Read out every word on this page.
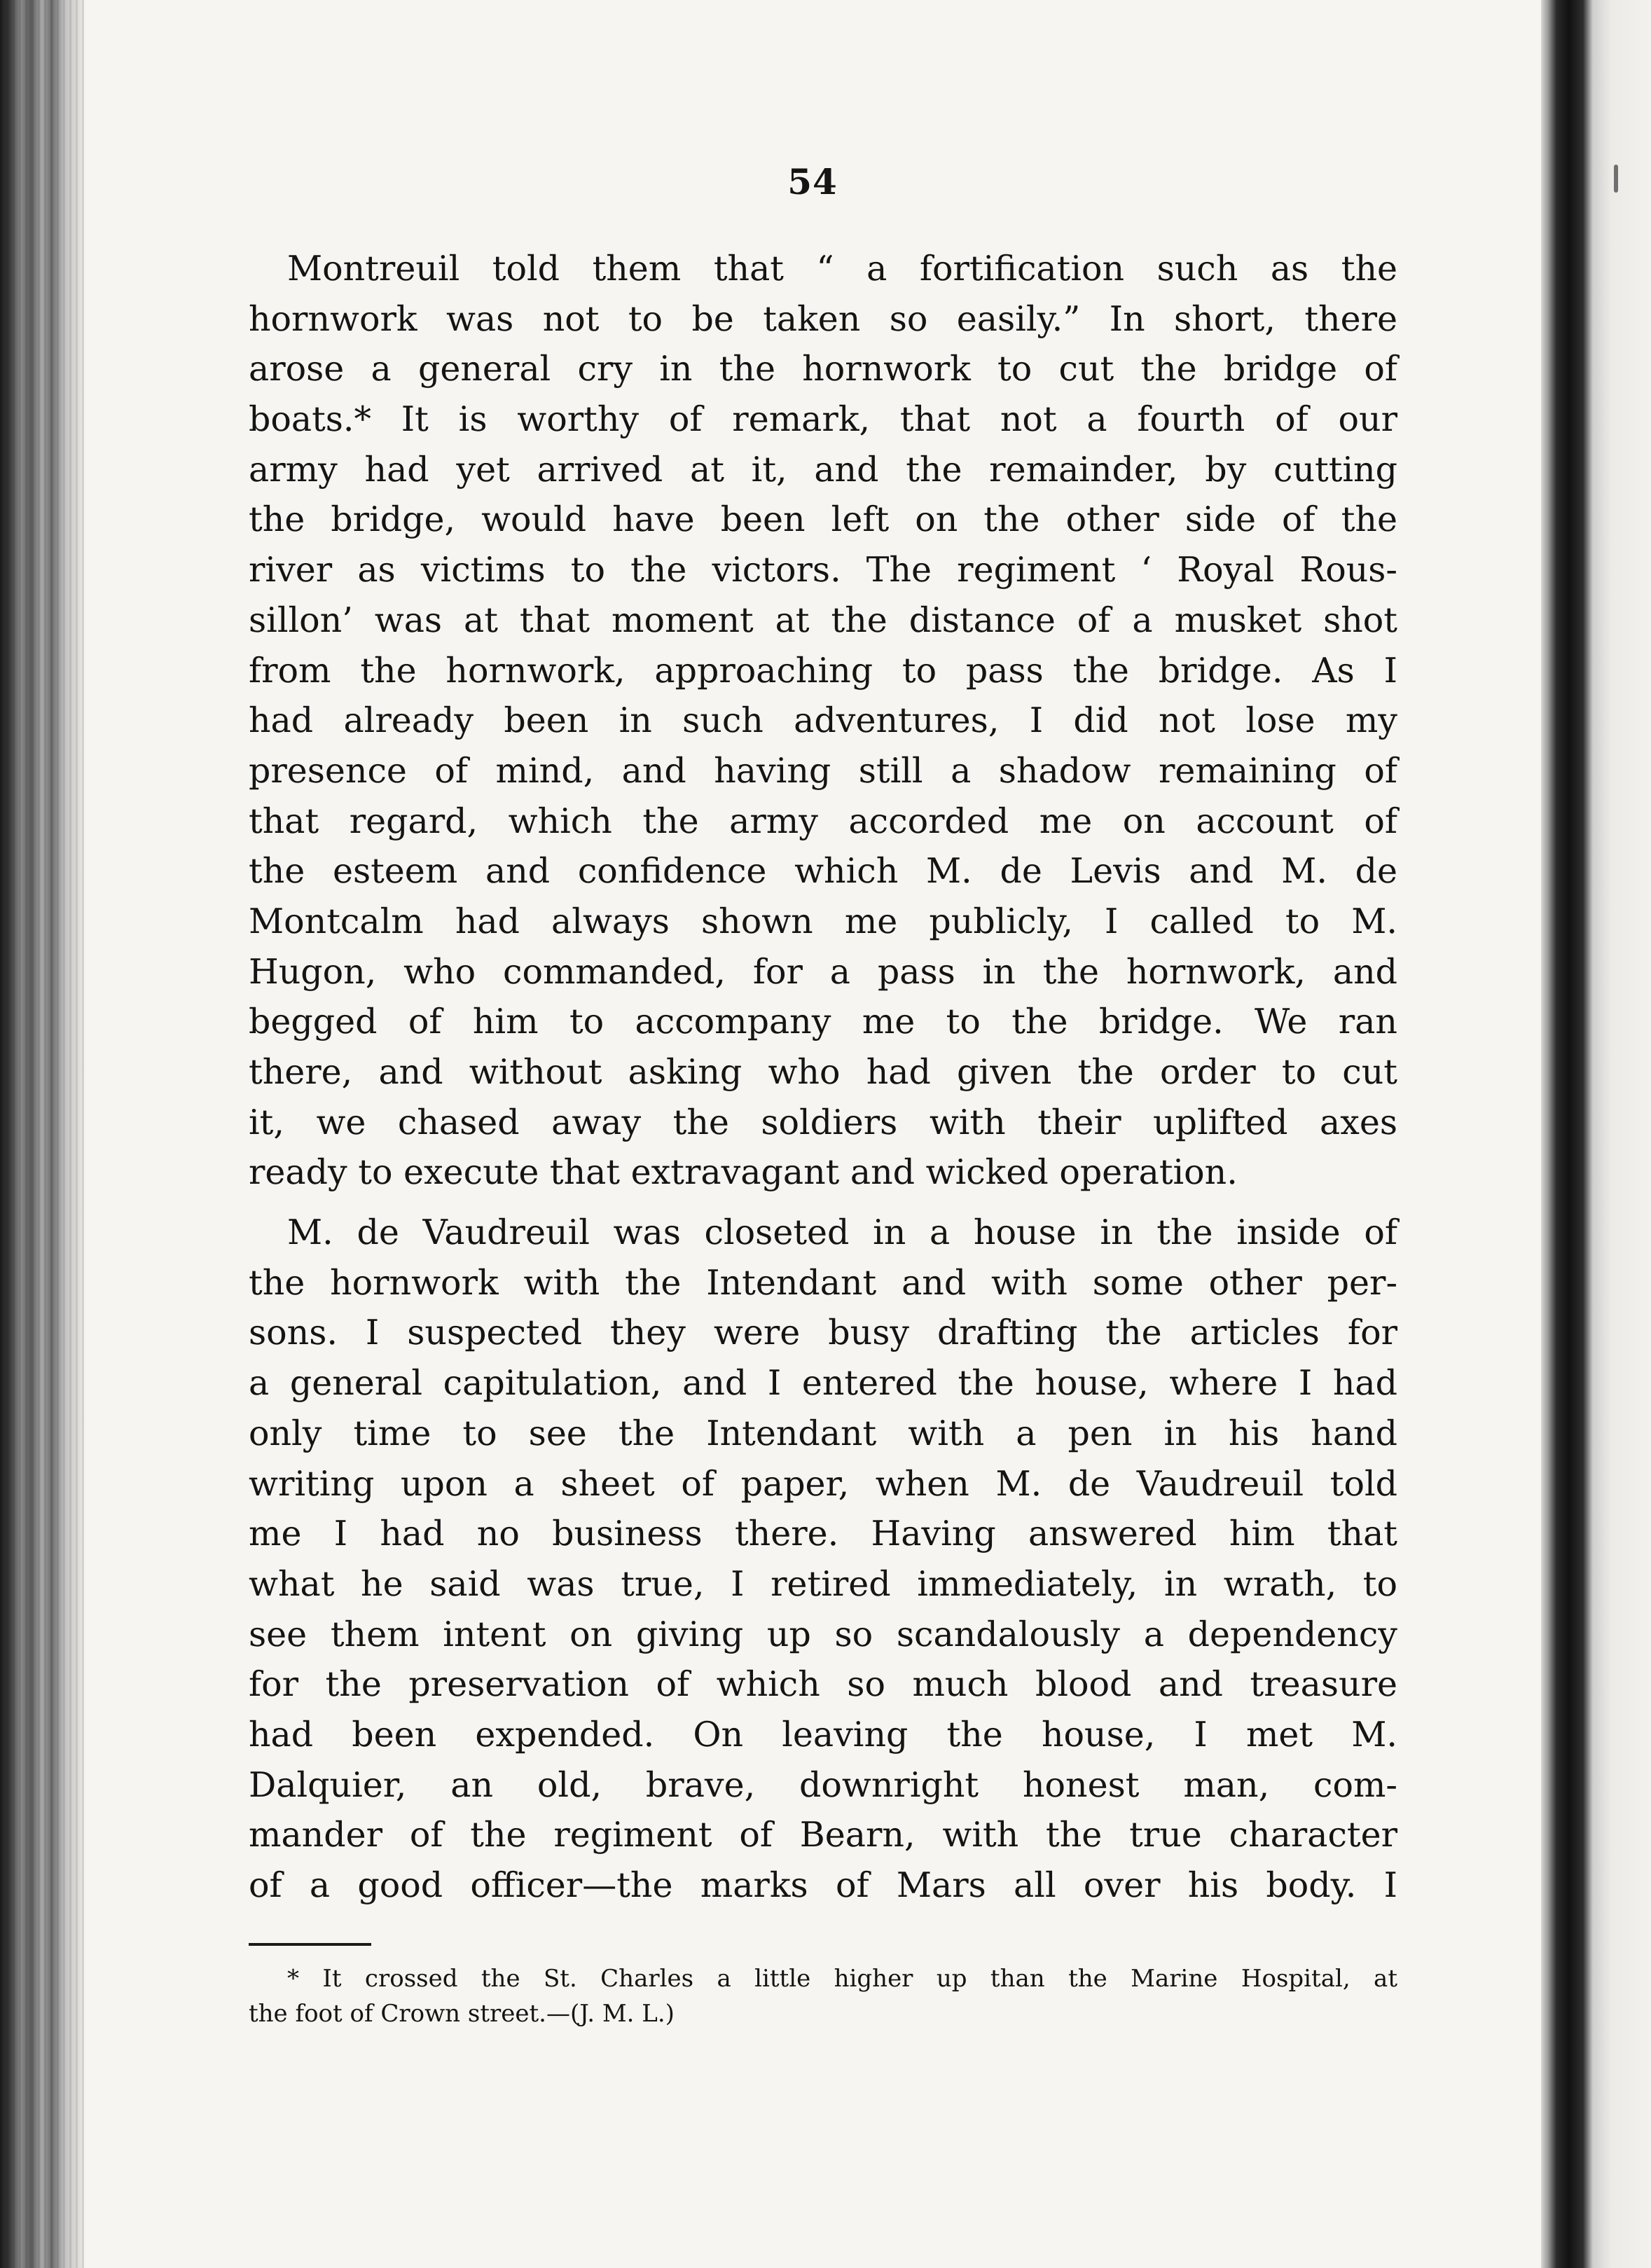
54
Montreuil told them that “ a fortification such as the
hornwork was not to be taken so easily.” In short, there
arose a general cry in the hornwork to cut the bridge of
boats.* It is worthy of remark, that not a fourth of our
army had yet arrived at it, and the remainder, by cutting
the bridge, would have been left on the other side of the
river as victims to the victors. The regiment ‘ Royal Rous-
sillon’ was at that moment at the distance of a musket shot
from the hornwork, approaching to pass the bridge. As I
had already been in such adventures, I did not lose my
presence of mind, and having still a shadow remaining of
that regard, which the army accorded me on account of
the esteem and confidence which M. de Levis and M. de
Montcalm had always shown me publicly, I called to M.
Hugon, who commanded, for a pass in the hornwork, and
begged of him to accompany me to the bridge. We ran
there, and without asking who had given the order to cut
it, we chased away the soldiers with their uplifted axes
ready to execute that extravagant and wicked operation.
M. de Vaudreuil was closeted in a house in the inside of
the hornwork with the Intendant and with some other per-
sons. I suspected they were busy drafting the articles for
a general capitulation, and I entered the house, where I had
only time to see the Intendant with a pen in his hand
writing upon a sheet of paper, when M. de Vaudreuil told
me I had no business there. Having answered him that
what he said was true, I retired immediately, in wrath, to
see them intent on giving up so scandalously a dependency
for the preservation of which so much blood and treasure
had been expended. On leaving the house, I met M.
Dalquier, an old, brave, downright honest man, com-
mander of the regiment of Bearn, with the true character
of a good officer—the marks of Mars all over his body. I
* It crossed the St. Charles a little higher up than the Marine Hospital, at
the foot of Crown street.—(J. M. L.)
